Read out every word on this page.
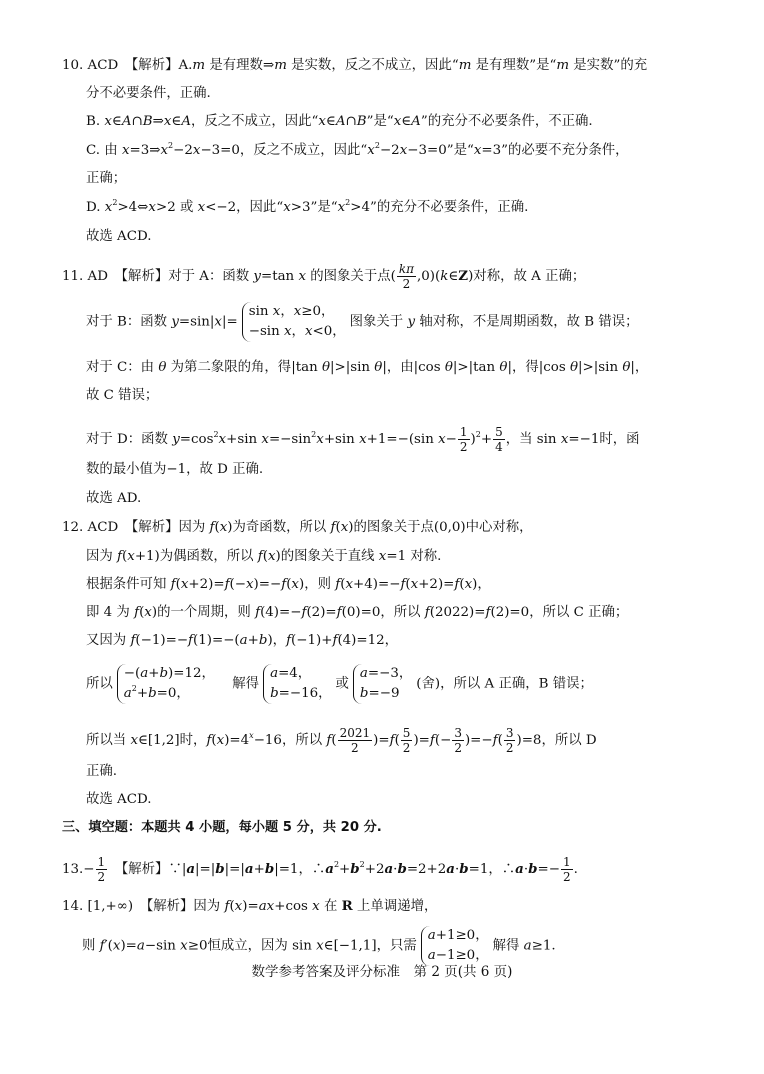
10. ACD　 【解析】A.m 是有理数⇒m 是实数，反之不成立，因此“m 是有理数”是“m 是实数”的充
分不必要条件，正确.
B. x∈A∩B⇒x∈A，反之不成立，因此“x∈A∩B”是“x∈A”的充分不必要条件，不正确.
C. 由 $x=3\Rightarrow x^2-2x-3=0$，反之不成立，因此“$x^2-2x-3=0$”是“x=3”的必要不充分条件，
正确；
D. $x^2>4\Leftrightarrow x>2$ 或 x<−2，因此“x>3”是“$x^2>4$”的充分不必要条件，正确.
故选 ACD.
11. AD　 【解析】对于 A：函数 y=tan x 的图象关于点( $\frac{k\pi}{2}$ ,0)(k∈Z)对称，故 A 正确；
对于 B：函数 y=sin|x|=
sin x，x≥0，
−sin x，x<0，
图象关于 y 轴对称，不是周期函数，故 B 错误；
对于 C：由 θ 为第二象限的角，得|tan θ|>|sin θ|，由|cos θ|>|tan θ|，得|cos θ|>|sin θ|，
故 C 错误；
对于 D：函数 $y=\cos^2x+\sin$ $x=-\sin^2x+\sin$ x+1=−(sin $x- \frac{1}{2} )^2+ \frac{5}{4}$ ，当 sin x=−1时，函
数的最小值为−1，故 D 正确.
故选 AD.
12. ACD　 【解析】因为 f(x)为奇函数，所以 f(x)的图象关于点(0,0)中心对称，
因为 f(x+1)为偶函数，所以 f(x)的图象关于直线 x=1 对称.
根据条件可知 f(x+2)=f(−x)=−f(x)，则 f(x+4)=−f(x+2)=f(x)，
即 4 为 f(x)的一个周期，则 f(4)=−f(2)=f(0)=0，所以 f(2022)=f(2)=0，所以 C 正确；
又因为 f(−1)=−f(1)=−(a+b)，f(−1)+f(4)=12，
所以
−(a+b)=12，
$a^2+b=0$，
　解得
a=4，
b=−16，
或
a=−3，
b=−9
(舍)，所以 A 正确，B 错误；
所以当 x∈[1,2]时，$f(x)=4^x-16$，所以 $f( \frac{2021}{2} )=f( \frac{5}{2} )=f(- \frac{3}{2} )=-f( \frac{3}{2} )=8$，所以 D
正确.
故选 ACD.
三、填空题：本题共 4 小题，每小题 5 分，共 20 分.
$13.- \frac{1}{2}$
　 【解析】∵|a|=|b|=|a+b|=1，$\therefore a^2+b^2+2a\cdot b=2+2a\cdot b=1$，∴a·b=− $\frac{1}{2}$ .
14. [1,+∞)　 【解析】因为 f(x)=ax+cos x 在 R 上单调递增，
则 f′(x)=a−sin x≥0恒成立，因为 sin x∈[−1,1]，只需
a+1≥0，
a−1≥0，
解得 a≥1.
数学参考答案及评分标准　第 2 页(共 6 页)
